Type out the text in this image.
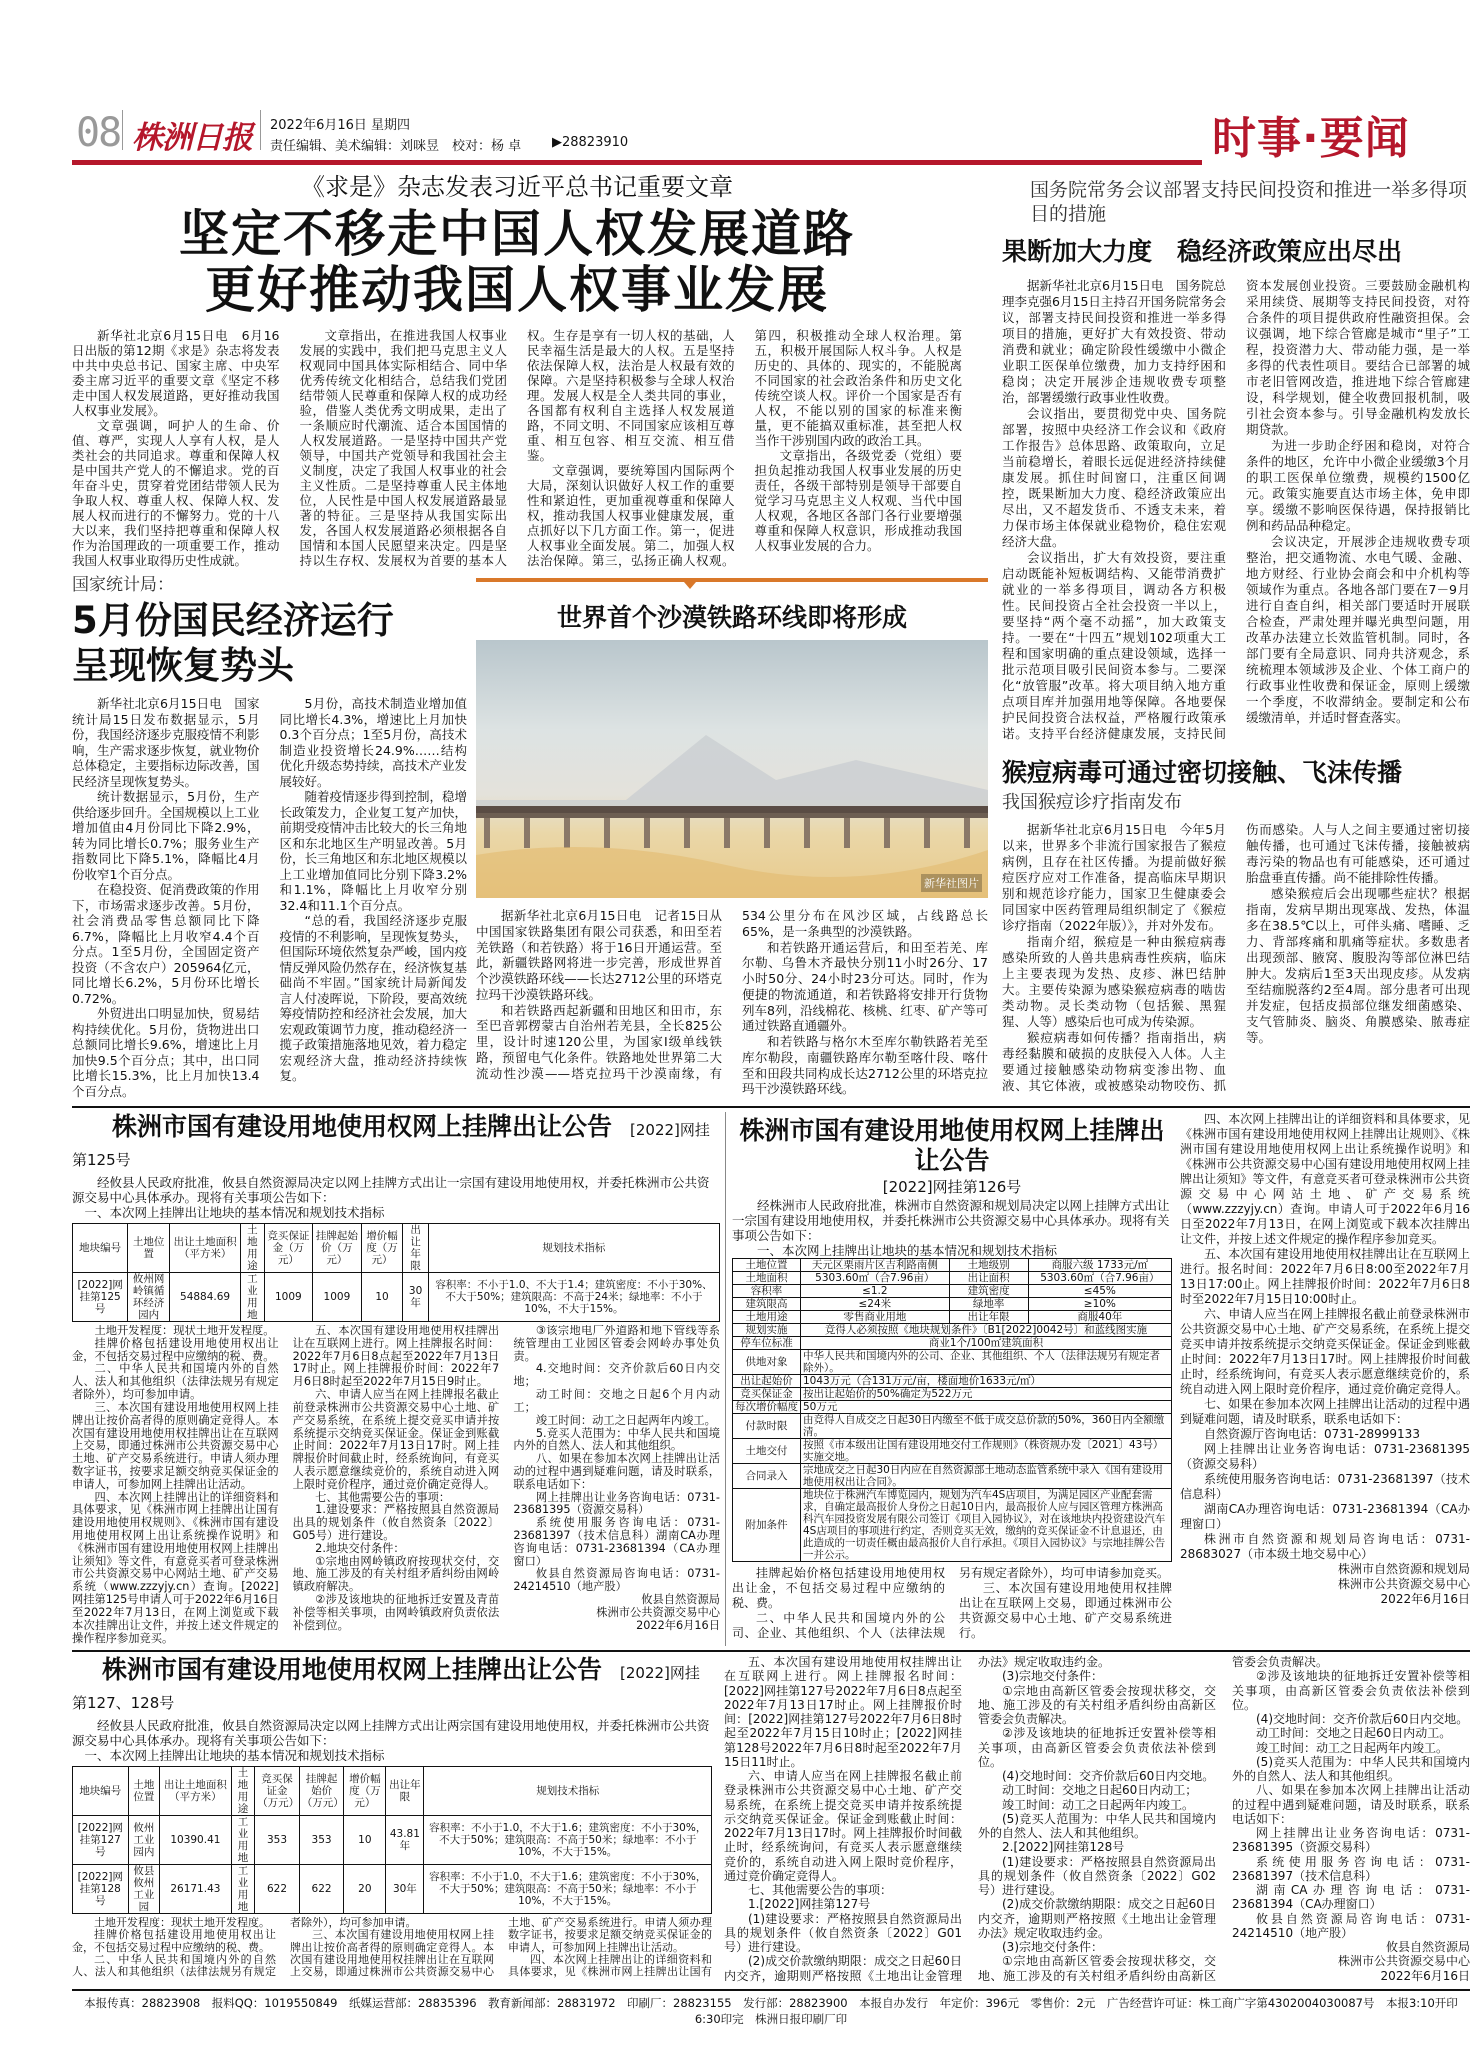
08 株洲日报 2022年6月16日 星期四
责任编辑、美术编辑：刘咪昱　校对：杨 卓 ▶28823910	时事·要闻
《求是》杂志发表习近平总书记重要文章
坚定不移走中国人权发展道路
更好推动我国人权事业发展

新华社北京6月15日电　6月16日出版的第12期《求是》杂志将发表中共中央总书记、国家主席、中央军委主席习近平的重要文章《坚定不移走中国人权发展道路，更好推动我国人权事业发展》。

文章强调，呵护人的生命、价值、尊严，实现人人享有人权，是人类社会的共同追求。尊重和保障人权是中国共产党人的不懈追求。党的百年奋斗史，贯穿着党团结带领人民为争取人权、尊重人权、保障人权、发展人权而进行的不懈努力。党的十八大以来，我们坚持把尊重和保障人权作为治国理政的一项重要工作，推动我国人权事业取得历史性成就。

文章指出，在推进我国人权事业发展的实践中，我们把马克思主义人权观同中国具体实际相结合、同中华优秀传统文化相结合，总结我们党团结带领人民尊重和保障人权的成功经验，借鉴人类优秀文明成果，走出了一条顺应时代潮流、适合本国国情的人权发展道路。一是坚持中国共产党领导，中国共产党领导和我国社会主义制度，决定了我国人权事业的社会主义性质。二是坚持尊重人民主体地位，人民性是中国人权发展道路最显著的特征。三是坚持从我国实际出发，各国人权发展道路必须根据各自国情和本国人民愿望来决定。四是坚持以生存权、发展权为首要的基本人权。生存是享有一切人权的基础，人民幸福生活是最大的人权。五是坚持依法保障人权，法治是人权最有效的保障。六是坚持积极参与全球人权治理。发展人权是全人类共同的事业，各国都有权利自主选择人权发展道路，不同文明、不同国家应该相互尊重、相互包容、相互交流、相互借鉴。

文章强调，要统筹国内国际两个大局，深刻认识做好人权工作的重要性和紧迫性，更加重视尊重和保障人权，推动我国人权事业健康发展，重点抓好以下几方面工作。第一，促进人权事业全面发展。第二，加强人权法治保障。第三，弘扬正确人权观。第四，积极推动全球人权治理。第五，积极开展国际人权斗争。人权是历史的、具体的、现实的，不能脱离不同国家的社会政治条件和历史文化传统空谈人权。评价一个国家是否有人权，不能以别的国家的标准来衡量，更不能搞双重标准，甚至把人权当作干涉别国内政的政治工具。

文章指出，各级党委（党组）要担负起推动我国人权事业发展的历史责任，各级干部特别是领导干部要自觉学习马克思主义人权观、当代中国人权观，各地区各部门各行业要增强尊重和保障人权意识，形成推动我国人权事业发展的合力。

国务院常务会议部署支持民间投资和推进一举多得项目的措施
果断加大力度　稳经济政策应出尽出

据新华社北京6月15日电　国务院总理李克强6月15日主持召开国务院常务会议，部署支持民间投资和推进一举多得项目的措施，更好扩大有效投资、带动消费和就业；确定阶段性缓缴中小微企业职工医保单位缴费，加力支持纾困和稳岗；决定开展涉企违规收费专项整治，部署缓缴行政事业性收费。

会议指出，要贯彻党中央、国务院部署，按照中央经济工作会议和《政府工作报告》总体思路、政策取向，立足当前稳增长，着眼长远促进经济持续健康发展。抓住时间窗口，注重区间调控，既果断加大力度、稳经济政策应出尽出，又不超发货币、不透支未来，着力保市场主体保就业稳物价，稳住宏观经济大盘。

会议指出，扩大有效投资，要注重启动既能补短板调结构、又能带消费扩就业的一举多得项目，调动各方积极性。民间投资占全社会投资一半以上，要坚持“两个毫不动摇”，加大政策支持。一要在“十四五”规划102项重大工程和国家明确的重点建设领域，选择一批示范项目吸引民间资本参与。二要深化“放管服”改革。将大项目纳入地方重点项目库并加强用地等保障。各地要保护民间投资合法权益，严格履行政策承诺。支持平台经济健康发展，支持民间资本发展创业投资。三要鼓励金融机构采用续贷、展期等支持民间投资，对符合条件的项目提供政府性融资担保。会议强调，地下综合管廊是城市“里子”工程，投资潜力大、带动能力强，是一举多得的代表性项目。要结合已部署的城市老旧管网改造，推进地下综合管廊建设，科学规划，健全收费回报机制，吸引社会资本参与。引导金融机构发放长期贷款。

为进一步助企纾困和稳岗，对符合条件的地区，允许中小微企业缓缴3个月的职工医保单位缴费，规模约1500亿元。政策实施要直达市场主体，免申即享。缓缴不影响医保待遇，保持报销比例和药品品种稳定。

会议决定，开展涉企违规收费专项整治，把交通物流、水电气暖、金融、地方财经、行业协会商会和中介机构等领域作为重点。各地各部门要在7－9月进行自查自纠，相关部门要适时开展联合检查，严肃处理并曝光典型问题，用改革办法建立长效监管机制。同时，各部门要有全局意识、同舟共济观念，系统梳理本领域涉及企业、个体工商户的行政事业性收费和保证金，原则上缓缴一个季度，不收滞纳金。要制定和公布缓缴清单，并适时督查落实。

国家统计局：
5月份国民经济运行
呈现恢复势头

新华社北京6月15日电　国家统计局15日发布数据显示，5月份，我国经济逐步克服疫情不利影响，生产需求逐步恢复，就业物价总体稳定，主要指标边际改善，国民经济呈现恢复势头。

统计数据显示，5月份，生产供给逐步回升。全国规模以上工业增加值由4月份同比下降2.9%，转为同比增长0.7%；服务业生产指数同比下降5.1%，降幅比4月份收窄1个百分点。

在稳投资、促消费政策的作用下，市场需求逐步改善。5月份，社会消费品零售总额同比下降6.7%，降幅比上月收窄4.4个百分点。1至5月份，全国固定资产投资（不含农户）205964亿元，同比增长6.2%，5月份环比增长0.72%。

外贸进出口明显加快，贸易结构持续优化。5月份，货物进出口总额同比增长9.6%，增速比上月加快9.5个百分点；其中，出口同比增长15.3%，比上月加快13.4个百分点。

5月份，高技术制造业增加值同比增长4.3%，增速比上月加快0.3个百分点；1至5月份，高技术制造业投资增长24.9%……结构优化升级态势持续，高技术产业发展较好。

随着疫情逐步得到控制，稳增长政策发力，企业复工复产加快，前期受疫情冲击比较大的长三角地区和东北地区生产明显改善。5月份，长三角地区和东北地区规模以上工业增加值同比分别下降3.2%和1.1%，降幅比上月收窄分别32.4和11.1个百分点。

“总的看，我国经济逐步克服疫情的不利影响，呈现恢复势头，但国际环境依然复杂严峻，国内疫情反弹风险仍然存在，经济恢复基础尚不牢固。”国家统计局新闻发言人付凌晖说，下阶段，要高效统筹疫情防控和经济社会发展，加大宏观政策调节力度，推动稳经济一揽子政策措施落地见效，着力稳定宏观经济大盘，推动经济持续恢复。

世界首个沙漠铁路环线即将形成
新华社图片

据新华社北京6月15日电　记者15日从中国国家铁路集团有限公司获悉，和田至若羌铁路（和若铁路）将于16日开通运营。至此，新疆铁路网将进一步完善，形成世界首个沙漠铁路环线——长达2712公里的环塔克拉玛干沙漠铁路环线。

和若铁路西起新疆和田地区和田市，东至巴音郭楞蒙古自治州若羌县，全长825公里，设计时速120公里，为国家Ⅰ级单线铁路，预留电气化条件。铁路地处世界第二大流动性沙漠——塔克拉玛干沙漠南缘，有534公里分布在风沙区域，占线路总长65%，是一条典型的沙漠铁路。

和若铁路开通运营后，和田至若羌、库尔勒、乌鲁木齐最快分别11小时26分、17小时50分、24小时23分可达。同时，作为便捷的物流通道，和若铁路将安排开行货物列车8列，沿线棉花、核桃、红枣、矿产等可通过铁路直通疆外。

和若铁路与格尔木至库尔勒铁路若羌至库尔勒段，南疆铁路库尔勒至喀什段、喀什至和田段共同构成长达2712公里的环塔克拉玛干沙漠铁路环线。

猴痘病毒可通过密切接触、飞沫传播
我国猴痘诊疗指南发布

据新华社北京6月15日电　今年5月以来，世界多个非流行国家报告了猴痘病例，且存在社区传播。为提前做好猴痘医疗应对工作准备，提高临床早期识别和规范诊疗能力，国家卫生健康委会同国家中医药管理局组织制定了《猴痘诊疗指南（2022年版）》，并对外发布。

指南介绍，猴痘是一种由猴痘病毒感染所致的人兽共患病毒性疾病，临床上主要表现为发热、皮疹、淋巴结肿大。主要传染源为感染猴痘病毒的啮齿类动物。灵长类动物（包括猴、黑猩猩、人等）感染后也可成为传染源。

猴痘病毒如何传播？指南指出，病毒经黏膜和破损的皮肤侵入人体。人主要通过接触感染动物病变渗出物、血液、其它体液，或被感染动物咬伤、抓伤而感染。人与人之间主要通过密切接触传播，也可通过飞沫传播，接触被病毒污染的物品也有可能感染，还可通过胎盘垂直传播。尚不能排除性传播。

感染猴痘后会出现哪些症状？根据指南，发病早期出现寒战、发热，体温多在38.5℃以上，可伴头痛、嗜睡、乏力、背部疼痛和肌痛等症状。多数患者出现颈部、腋窝、腹股沟等部位淋巴结肿大。发病后1至3天出现皮疹。从发病至结痂脱落约2至4周。部分患者可出现并发症，包括皮损部位继发细菌感染、支气管肺炎、脑炎、角膜感染、脓毒症等。

株洲市国有建设用地使用权网上挂牌出让公告 [2022]网挂第125号

经攸县人民政府批准，攸县自然资源局决定以网上挂牌方式出让一宗国有建设用地使用权，并委托株洲市公共资源交易中心具体承办。现将有关事项公告如下：

一、本次网上挂牌出让地块的基本情况和规划技术指标

地块编号	土地位置	出让土地面积（平方米）	土地用途	竞买保证金（万元）	挂牌起始价（万元）	增价幅度（万元）	出让年限	规划技术指标
[2022]网挂第125号	攸州网岭镇循环经济园内	54884.69	工业用地	1009	1009	10	30年	容积率：不小于1.0、不大于1.4；建筑密度：不小于30%、不大于50%；建筑限高：不高于24米；绿地率：不小于10%，不大于15%。

土地开发程度：现状土地开发程度。

挂牌价格包括建设用地使用权出让金，不包括交易过程中应缴纳的税、费。

二、中华人民共和国境内外的自然人、法人和其他组织（法律法规另有规定者除外），均可参加申请。

三、本次国有建设用地使用权网上挂牌出让按价高者得的原则确定竞得人。本次国有建设用地使用权挂牌出让在互联网上交易，即通过株洲市公共资源交易中心土地、矿产交易系统进行。申请人须办理数字证书，按要求足额交纳竞买保证金的申请人，可参加网上挂牌出让活动。

四、本次网上挂牌出让的详细资料和具体要求，见《株洲市网上挂牌出让国有建设用地使用权规则》、《株洲市国有建设用地使用权网上出让系统操作说明》和《株洲市国有建设用地使用权网上挂牌出让须知》等文件，有意竞买者可登录株洲市公共资源交易中心网站土地、矿产交易系统（www.zzzyjy.cn）查询。[2022]网挂第125号申请人可于2022年6月16日至2022年7月13日，在网上浏览或下载本次挂牌出让文件，并按上述文件规定的操作程序参加竞买。

五、本次国有建设用地使用权挂牌出让在互联网上进行。网上挂牌报名时间：2022年7月6日8点起至2022年7月13日17时止。网上挂牌报价时间：2022年7月6日8时起至2022年7月15日9时止。

六、申请人应当在网上挂牌报名截止前登录株洲市公共资源交易中心土地、矿产交易系统，在系统上提交竞买申请并按系统提示交纳竞买保证金。保证金到账截止时间：2022年7月13日17时。网上挂牌报价时间截止时，经系统询问，有竞买人表示愿意继续竞价的，系统自动进入网上限时竞价程序，通过竞价确定竞得人。

七、其他需要公告的事项：

1.建设要求：严格按照县自然资源局出具的规划条件（攸自然资条〔2022〕G05号）进行建设。

2.地块交付条件：

①宗地由网岭镇政府按现状交付，交地、施工涉及的有关村组矛盾纠纷由网岭镇政府解决。

②涉及该地块的征地拆迁安置及青苗补偿等相关事项，由网岭镇政府负责依法补偿到位。

③该宗地电厂外道路和地下管线等系统管理由工业园区管委会网岭办事处负责。

4.交地时间：交齐价款后60日内交地；

动工时间：交地之日起6个月内动工；

竣工时间：动工之日起两年内竣工。

5.竞买人范围为：中华人民共和国境内外的自然人、法人和其他组织。

八、如果在参加本次网上挂牌出让活动的过程中遇到疑难问题，请及时联系，联系电话如下：

网上挂牌出让业务咨询电话：0731-23681395（资源交易科）

系统使用服务咨询电话：0731-23681397（技术信息科）湖南CA办理咨询电话：0731-23681394（CA办理窗口）

攸县自然资源局咨询电话：0731-24214510（地产股）

攸县自然资源局

株洲市公共资源交易中心

2022年6月16日

株洲市国有建设用地使用权网上挂牌出让公告
[2022]网挂第126号

经株洲市人民政府批准，株洲市自然资源和规划局决定以网上挂牌方式出让一宗国有建设用地使用权，并委托株洲市公共资源交易中心具体承办。现将有关事项公告如下：

一、本次网上挂牌出让地块的基本情况和规划技术指标

土地位置	天元区栗雨片区吉利路南侧	土地级别	商服六级 1733元/㎡
土地面积	5303.60㎡（合7.96亩）	出让面积	5303.60㎡（合7.96亩）
容积率	≤1.2	建筑密度	≤45%
建筑限高	≤24米	绿地率	≥10%
土地用途	零售商业用地	出让年限	商服40年
规划实施	竞得人必须按照《地块规划条件》〔B1[2022]0042号〕和蓝线图实施		
停车位标准	商业1个/100㎡建筑面积		
供地对象	中华人民共和国境内外的公司、企业、其他组织、个人（法律法规另有规定者除外）。		
出让起始价	1043万元（合131万元/亩，楼面地价1633元/㎡）		
竞买保证金	按出让起始价的50%确定为522万元		
每次增价幅度	50万元		
付款时限	由竞得人自成交之日起30日内缴至不低于成交总价款的50%，360日内全额缴清。		
土地交付	按照《市本级出让国有建设用地交付工作规则》（株资规办发〔2021〕43号）实施交地。		
合同录入	宗地成交之日起30日内应在自然资源部土地动态监管系统中录入《国有建设用地使用权出让合同》。		
附加条件	地块位于株洲汽车博览园内，规划为汽车4S店项目，为满足园区产业配套需求，自确定最高报价人身份之日起10日内，最高报价人应与园区管理方株洲高科汽车园投资发展有限公司签订《项目入园协议》，对在该地块内投资建设汽车4S店项目的事项进行约定，否则竞买无效，缴纳的竞买保证金不计息退还，由此造成的一切责任概由最高报价人自行承担。《项目入园协议》与宗地挂牌公告一并公示。		

挂牌起始价格包括建设用地使用权出让金，不包括交易过程中应缴纳的税、费。

二、中华人民共和国境内外的公司、企业、其他组织、个人（法律法规另有规定者除外），均可申请参加竞买。

三、本次国有建设用地使用权挂牌出让在互联网上交易，即通过株洲市公共资源交易中心土地、矿产交易系统进行。

四、本次网上挂牌出让的详细资料和具体要求，见《株洲市国有建设用地使用权网上挂牌出让规则》、《株洲市国有建设用地使用权网上出让系统操作说明》和《株洲市公共资源交易中心国有建设用地使用权网上挂牌出让须知》等文件，有意竞买者可登录株洲市公共资源交易中心网站土地、矿产交易系统（www.zzzyjy.cn）查询。申请人可于2022年6月16日至2022年7月13日，在网上浏览或下载本次挂牌出让文件，并按上述文件规定的操作程序参加竞买。

五、本次国有建设用地使用权挂牌出让在互联网上进行。报名时间：2022年7月6日8:00至2022年7月13日17:00止。网上挂牌报价时间：2022年7月6日8时至2022年7月15日10:00时止。

六、申请人应当在网上挂牌报名截止前登录株洲市公共资源交易中心土地、矿产交易系统，在系统上提交竞买申请并按系统提示交纳竞买保证金。保证金到账截止时间：2022年7月13日17时。网上挂牌报价时间截止时，经系统询问，有竞买人表示愿意继续竞价的，系统自动进入网上限时竞价程序，通过竞价确定竞得人。

七、如果在参加本次网上挂牌出让活动的过程中遇到疑难问题，请及时联系，联系电话如下：

自然资源厅咨询电话：0731-28999133

网上挂牌出让业务咨询电话：0731-23681395（资源交易科）

系统使用服务咨询电话：0731-23681397（技术信息科）

湖南CA办理咨询电话：0731-23681394（CA办理窗口）

株洲市自然资源和规划局咨询电话：0731-28683027（市本级土地交易中心）

株洲市自然资源和规划局

株洲市公共资源交易中心

2022年6月16日

株洲市国有建设用地使用权网上挂牌出让公告 [2022]网挂第127、128号

经攸县人民政府批准，攸县自然资源局决定以网上挂牌方式出让两宗国有建设用地使用权，并委托株洲市公共资源交易中心具体承办。现将有关事项公告如下：

一、本次网上挂牌出让地块的基本情况和规划技术指标

地块编号	土地位置	出让土地面积（平方米）	土地用途	竞买保证金（万元）	挂牌起始价（万元）	增价幅度（万元）	出让年限	规划技术指标
[2022]网挂第127号	攸州工业园内	10390.41	工业用地	353	353	10	43.81年	容积率：不小于1.0，不大于1.6；建筑密度：不小于30%，不大于50%；建筑限高：不高于50米；绿地率：不小于10%，不大于15%。
[2022]网挂第128号	攸县攸州工业园	26171.43	工业用地	622	622	20	30年	容积率：不小于1.0，不大于1.6；建筑密度：不小于30%，不大于50%；建筑限高：不高于50米；绿地率：不小于10%，不大于15%。

土地开发程度：现状土地开发程度。

挂牌价格包括建设用地使用权出让金，不包括交易过程中应缴纳的税、费。

二、中华人民共和国境内外的自然人、法人和其他组织（法律法规另有规定者除外），均可参加申请。

三、本次国有建设用地使用权网上挂牌出让按价高者得的原则确定竞得人。本次国有建设用地使用权挂牌出让在互联网上交易，即通过株洲市公共资源交易中心土地、矿产交易系统进行。申请人须办理数字证书，按要求足额交纳竞买保证金的申请人，可参加网上挂牌出让活动。

四、本次网上挂牌出让的详细资料和具体要求，见《株洲市网上挂牌出让国有

五、本次国有建设用地使用权挂牌出让在互联网上进行。网上挂牌报名时间：[2022]网挂第127号2022年7月6日8点起至2022年7月13日17时止。网上挂牌报价时间：[2022]网挂第127号2022年7月6日8时起至2022年7月15日10时止；[2022]网挂第128号2022年7月6日8时起至2022年7月15日11时止。

六、申请人应当在网上挂牌报名截止前登录株洲市公共资源交易中心土地、矿产交易系统，在系统上提交竞买申请并按系统提示交纳竞买保证金。保证金到账截止时间：2022年7月13日17时。网上挂牌报价时间截止时，经系统询问，有竞买人表示愿意继续竞价的，系统自动进入网上限时竞价程序，通过竞价确定竞得人。

七、其他需要公告的事项：

1.[2022]网挂第127号

(1)建设要求：严格按照县自然资源局出具的规划条件（攸自然资条〔2022〕G01号）进行建设。

(2)成交价款缴纳期限：成交之日起60日内交齐，逾期则严格按照《土地出让金管理办法》规定收取违约金。

(3)宗地交付条件：

①宗地由高新区管委会按现状移交，交地、施工涉及的有关村组矛盾纠纷由高新区管委会负责解决。

②涉及该地块的征地拆迁安置补偿等相关事项，由高新区管委会负责依法补偿到位。

(4)交地时间：交齐价款后60日内交地。

动工时间：交地之日起60日内动工；

竣工时间：动工之日起两年内竣工。

(5)竞买人范围为：中华人民共和国境内外的自然人、法人和其他组织。

2.[2022]网挂第128号

(1)建设要求：严格按照县自然资源局出具的规划条件（攸自然资条〔2022〕G02号）进行建设。

(2)成交价款缴纳期限：成交之日起60日内交齐，逾期则严格按照《土地出让金管理办法》规定收取违约金。

(3)宗地交付条件：

①宗地由高新区管委会按现状移交，交地、施工涉及的有关村组矛盾纠纷由高新区管委会负责解决。

②涉及该地块的征地拆迁安置补偿等相关事项，由高新区管委会负责依法补偿到位。

(4)交地时间：交齐价款后60日内交地。

动工时间：交地之日起60日内动工。

竣工时间：动工之日起两年内竣工。

(5)竞买人范围为：中华人民共和国境内外的自然人、法人和其他组织。

八、如果在参加本次网上挂牌出让活动的过程中遇到疑难问题，请及时联系，联系电话如下：

网上挂牌出让业务咨询电话：0731-23681395（资源交易科）

系统使用服务咨询电话：0731-23681397（技术信息科）

湖南CA办理咨询电话：0731-23681394（CA办理窗口）

攸县自然资源局咨询电话：0731-24214510（地产股）

攸县自然资源局

株洲市公共资源交易中心

2022年6月16日

本报传真：28823908　报料QQ：1019550849　纸媒运营部：28835396　教育新闻部：28831972　印刷厂：28823155　发行部：28823900　本报自办发行　年定价：396元　零售价：2元　广告经营许可证：株工商广字第4302004030087号　本报3:10开印6:30印完　株洲日报印刷厂印
